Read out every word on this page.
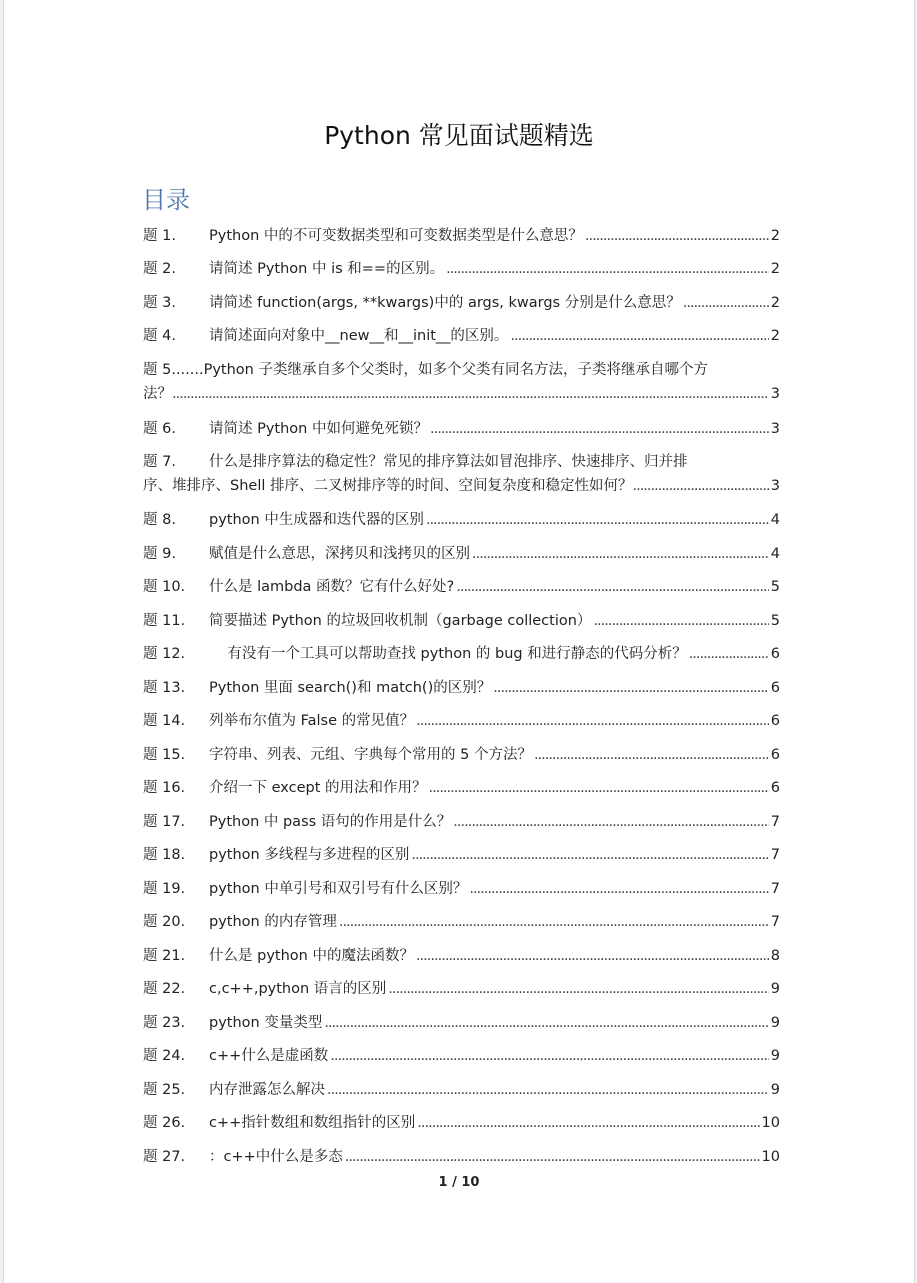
Python 常见面试题精选
目录
题 1.	Python 中的不可变数据类型和可变数据类型是什么意思？ .....	2
题 2.	请简述 Python 中 is 和==的区别。 .....	2
题 3.	请简述 function(args, **kwargs)中的 args, kwargs 分别是什么意思？ .....	2
题 4.	请简述面向对象中__new__和__init__的区别。 .....	2
题 5.......Python 子类继承自多个父类时，如多个父类有同名方法，子类将继承自哪个方
法？ .....	3
题 6.	请简述 Python 中如何避免死锁？ .....	3
题 7.	什么是排序算法的稳定性？常见的排序算法如冒泡排序、快速排序、归并排
序、堆排序、Shell 排序、二叉树排序等的时间、空间复杂度和稳定性如何？ .....	3
题 8.	python 中生成器和迭代器的区别 .....	4
题 9.	赋值是什么意思，深拷贝和浅拷贝的区别 .....	4
题 10.	什么是 lambda 函数？它有什么好处? .....	5
题 11.	简要描述 Python 的垃圾回收机制（garbage collection） .....	5
题 12.	有没有一个工具可以帮助查找 python 的 bug 和进行静态的代码分析？ .....	6
题 13.	Python 里面 search()和 match()的区别？ .....	6
题 14.	列举布尔值为 False 的常见值？ .....	6
题 15.	字符串、列表、元组、字典每个常用的 5 个方法？ .....	6
题 16.	介绍一下 except 的用法和作用？ .....	6
题 17.	Python 中 pass 语句的作用是什么？ .....	7
题 18.	python 多线程与多进程的区别 .....	7
题 19.	python 中单引号和双引号有什么区别？ .....	7
题 20.	python 的内存管理 .....	7
题 21.	什么是 python 中的魔法函数？ .....	8
题 22.	c,c++,python 语言的区别 .....	9
题 23.	python 变量类型 .....	9
题 24.	c++什么是虚函数 .....	9
题 25.	内存泄露怎么解决 .....	9
题 26.	c++指针数组和数组指针的区别 .....	10
题 27.	：c++中什么是多态 .....	10
1 / 10
